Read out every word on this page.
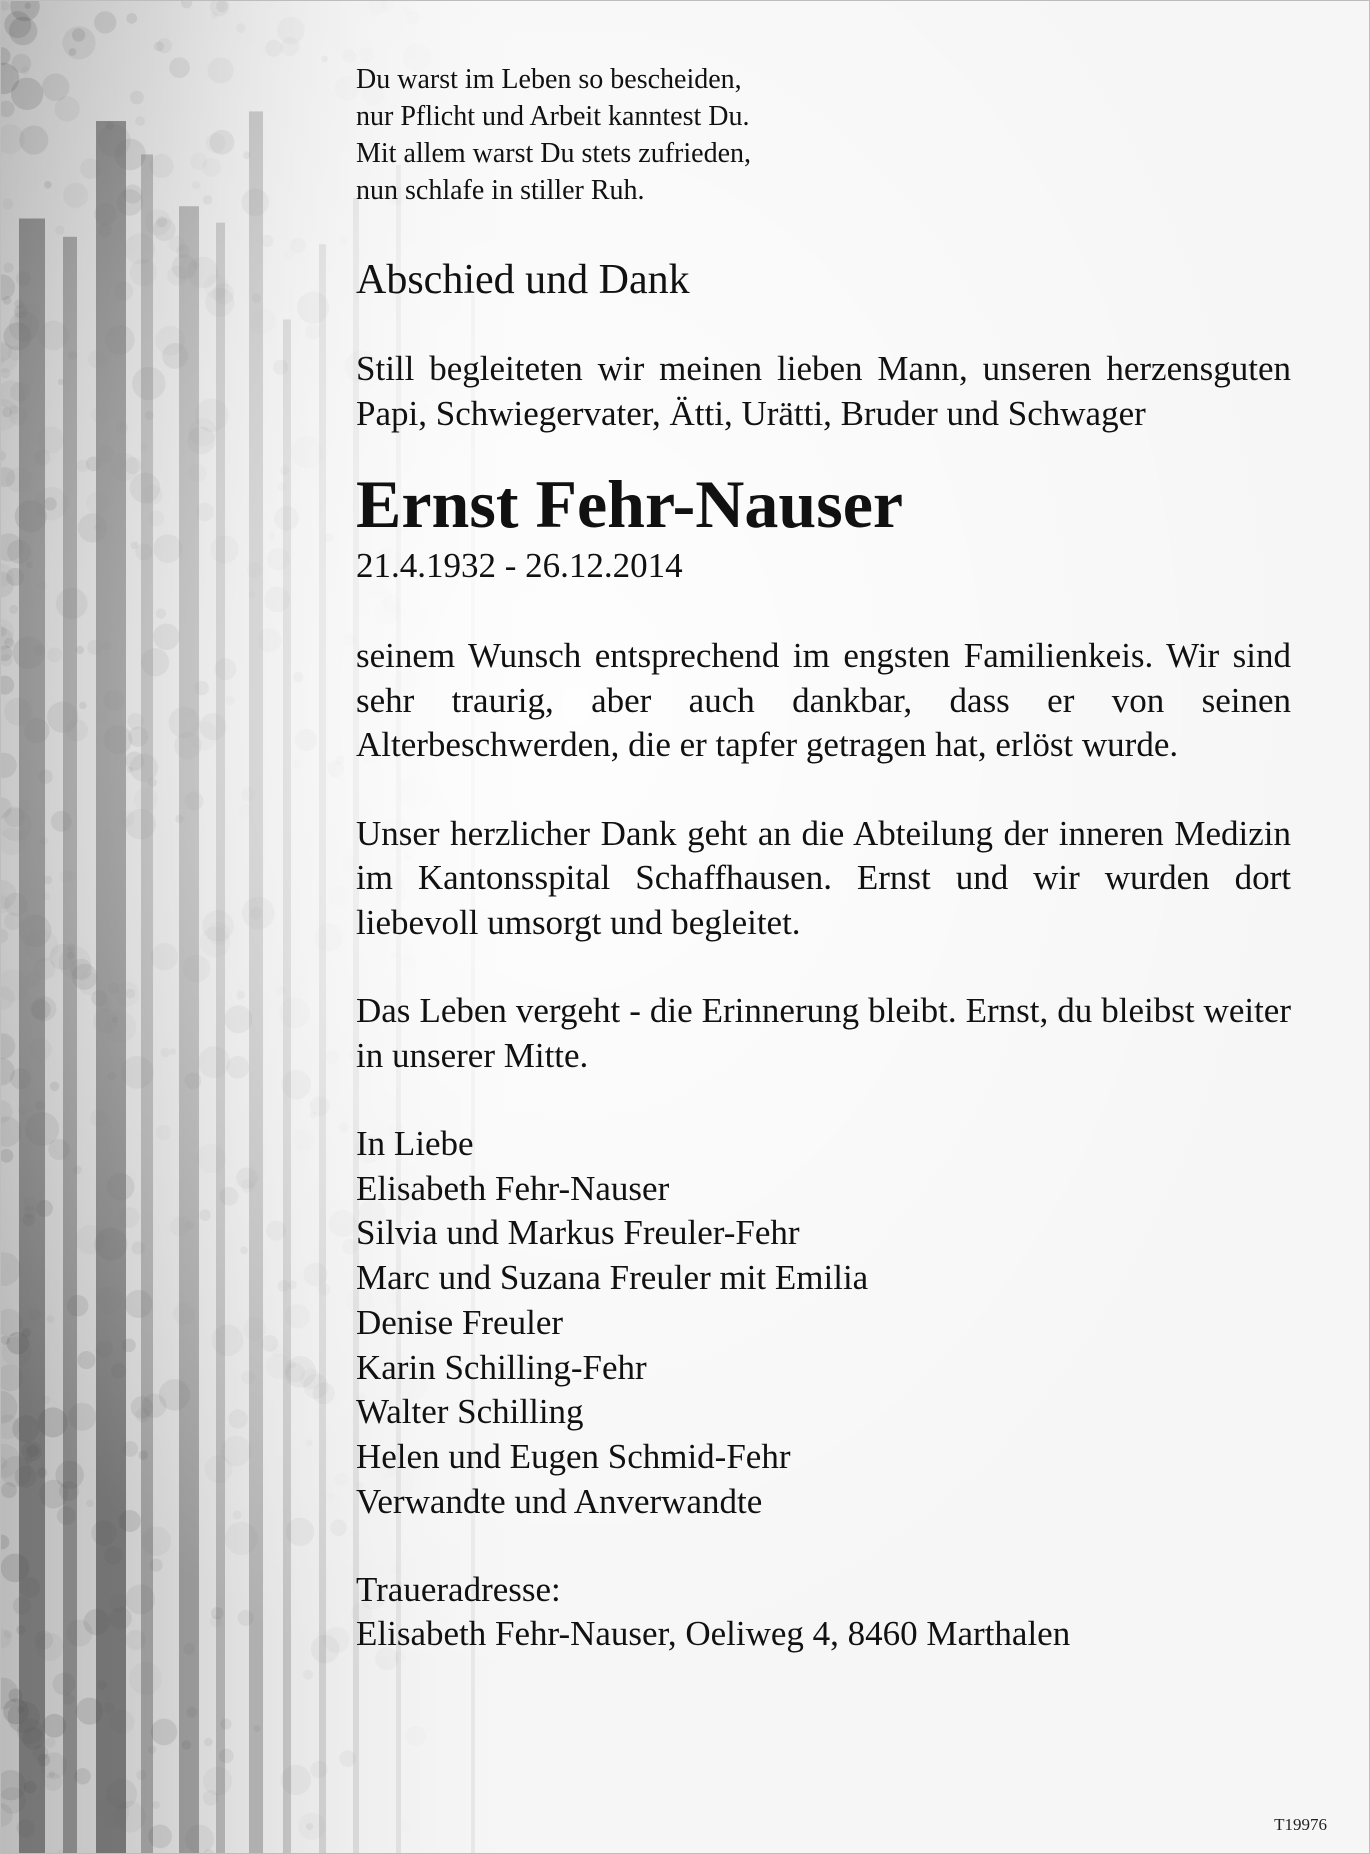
Du warst im Leben so bescheiden,
nur Pflicht und Arbeit kanntest Du.
Mit allem warst Du stets zufrieden,
nun schlafe in stiller Ruh.
Abschied und Dank
Still begleiteten wir meinen lieben Mann, unseren herzensguten Papi, Schwiegervater, Ätti, Urätti, Bruder und Schwager
Ernst Fehr-Nauser
21.4.1932 - 26.12.2014
seinem Wunsch entsprechend im engsten Familienkeis. Wir sind sehr traurig, aber auch dankbar, dass er von seinen Alterbeschwerden, die er tapfer getragen hat, erlöst wurde.
Unser herzlicher Dank geht an die Abteilung der inneren Medizin im Kantonsspital Schaffhausen. Ernst und wir wurden dort liebevoll umsorgt und begleitet.
Das Leben vergeht - die Erinnerung bleibt. Ernst, du bleibst weiter in unserer Mitte.
In Liebe
Elisabeth Fehr-Nauser
Silvia und Markus Freuler-Fehr
Marc und Suzana Freuler mit Emilia
Denise Freuler
Karin Schilling-Fehr
Walter Schilling
Helen und Eugen Schmid-Fehr
Verwandte und Anverwandte
Traueradresse:
Elisabeth Fehr-Nauser, Oeliweg 4, 8460 Marthalen
T19976
